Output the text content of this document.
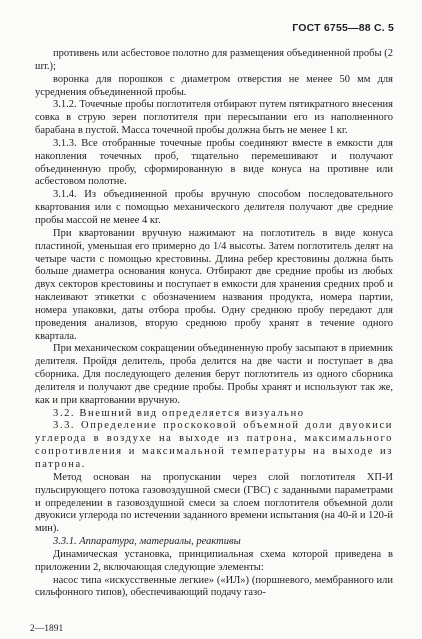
ГОСТ 6755—88 С. 5

противень или асбестовое полотно для размещения объединенной пробы (2 шт.);

воронка для порошков с диаметром отверстия не менее 50 мм для усреднения объединенной пробы.

3.1.2. Точечные пробы поглотителя отбирают путем пятикратного внесения совка в струю зерен поглотителя при пересыпании его из наполненного барабана в пустой. Масса точечной пробы должна быть не менее 1 кг.

3.1.3. Все отобранные точечные пробы соединяют вместе в емкости для накопления точечных проб, тщательно перемешивают и получают объединенную пробу, сформированную в виде конуса на противне или асбестовом полотне.

3.1.4. Из объединенной пробы вручную способом последовательного квартования или с помощью механического делителя получают две средние пробы массой не менее 4 кг.

При квартовании вручную нажимают на поглотитель в виде конуса пластиной, уменьшая его примерно до 1/4 высоты. Затем поглотитель делят на четыре части с помощью крестовины. Длина ребер крестовины должна быть больше диаметра основания конуса. Отбирают две средние пробы из любых двух секторов крестовины и поступает в емкости для хранения средних проб и наклеивают этикетки с обозначением названия продукта, номера партии, номера упаковки, даты отбора пробы. Одну среднюю пробу передают для проведения анализов, вторую среднюю пробу хранят в течение одного квартала.

При механическом сокращении объединенную пробу засыпают в приемник делителя. Пройдя делитель, проба делится на две части и поступает в два сборника. Для последующего деления берут поглотитель из одного сборника делителя и получают две средние пробы. Пробы хранят и используют так же, как и при квартовании вручную.

3.2. Внешний вид определяется визуально

3.3. Определение проскоковой объемной доли двуокиси углерода в воздухе на выходе из патрона, максимального сопротивления и максимальной температуры на выходе из патрона.

Метод основан на пропускании через слой поглотителя ХП-И пульсирующего потока газовоздушной смеси (ГВС) с заданными параметрами и определении в газовоздушной смеси за слоем поглотителя объемной доли двуокиси углерода по истечении заданного времени испытания (на 40-й и 120-й мин).

3.3.1. Аппаратура, материалы, реактивы

Динамическая установка, принципиальная схема которой приведена в приложении 2, включающая следующие элементы:

насос типа «искусственные легкие» («ИЛ») (поршневого, мембранного или сильфонного типов), обеспечивающий подачу газо-

2—1891
